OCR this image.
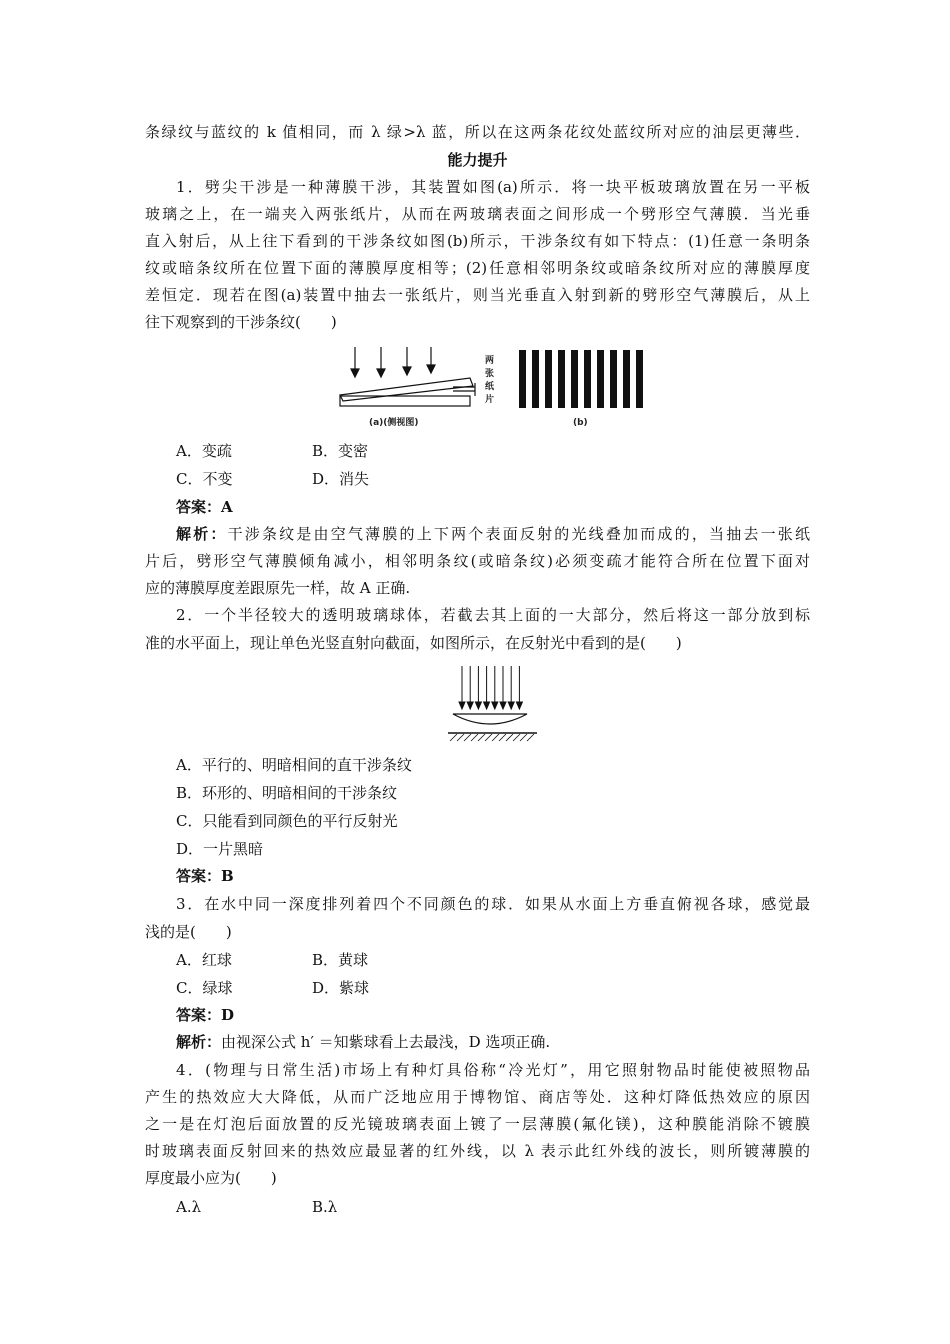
条绿纹与蓝纹的 k 值相同，而 λ 绿>λ 蓝，所以在这两条花纹处蓝纹所对应的油层更薄些．
能力提升
1．劈尖干涉是一种薄膜干涉，其装置如图(a)所示．将一块平板玻璃放置在另一平板
玻璃之上，在一端夹入两张纸片，从而在两玻璃表面之间形成一个劈形空气薄膜．当光垂
直入射后，从上往下看到的干涉条纹如图(b)所示，干涉条纹有如下特点：(1)任意一条明条
纹或暗条纹所在位置下面的薄膜厚度相等；(2)任意相邻明条纹或暗条纹所对应的薄膜厚度
差恒定．现若在图(a)装置中抽去一张纸片，则当光垂直入射到新的劈形空气薄膜后，从上
往下观察到的干涉条纹(　　)
两
张
纸
片
(a)(侧视图)	(b)
A．变疏	B．变密
C．不变	D．消失
答案：A
解析：干涉条纹是由空气薄膜的上下两个表面反射的光线叠加而成的，当抽去一张纸
片后，劈形空气薄膜倾角减小，相邻明条纹(或暗条纹)必须变疏才能符合所在位置下面对
应的薄膜厚度差跟原先一样，故 A 正确.
2．一个半径较大的透明玻璃球体，若截去其上面的一大部分，然后将这一部分放到标
准的水平面上，现让单色光竖直射向截面，如图所示，在反射光中看到的是(　　)
A．平行的、明暗相间的直干涉条纹
B．环形的、明暗相间的干涉条纹
C．只能看到同颜色的平行反射光
D．一片黑暗
答案：B
3．在水中同一深度排列着四个不同颜色的球．如果从水面上方垂直俯视各球，感觉最
浅的是(　　)
A．红球	B．黄球
C．绿球	D．紫球
答案：D
解析：由视深公式 h′ ＝知紫球看上去最浅，D 选项正确.
4．(物理与日常生活)市场上有种灯具俗称“冷光灯”，用它照射物品时能使被照物品
产生的热效应大大降低，从而广泛地应用于博物馆、商店等处．这种灯降低热效应的原因
之一是在灯泡后面放置的反光镜玻璃表面上镀了一层薄膜(氟化镁)，这种膜能消除不镀膜
时玻璃表面反射回来的热效应最显著的红外线，以 λ 表示此红外线的波长，则所镀薄膜的
厚度最小应为(　　)
A.λ	B.λ
